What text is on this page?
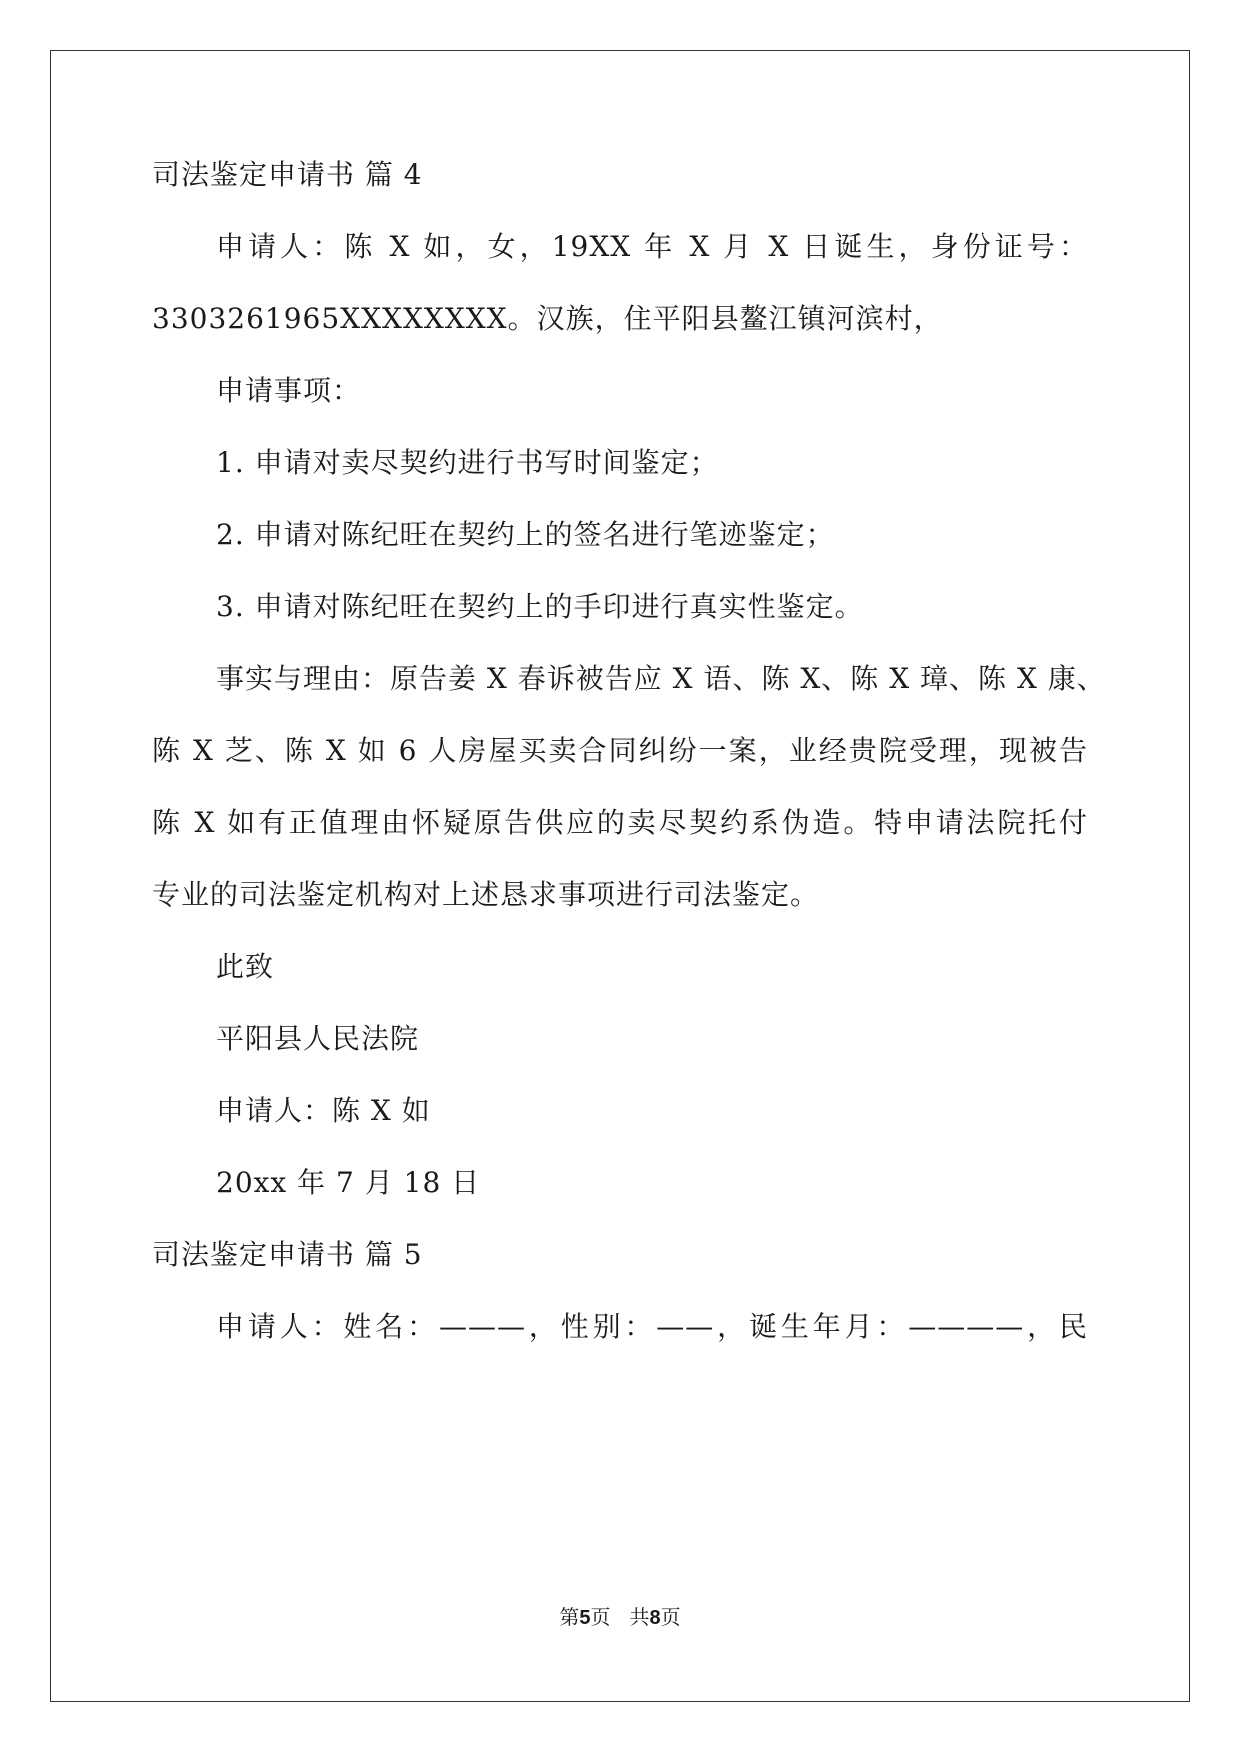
司法鉴定申请书 篇 4
申请人：陈 X 如，女，19XX 年 X 月 X 日诞生，身份证号：
3303261965XXXXXXXX。汉族，住平阳县鳌江镇河滨村，
申请事项：
1. 申请对卖尽契约进行书写时间鉴定；
2. 申请对陈纪旺在契约上的签名进行笔迹鉴定；
3. 申请对陈纪旺在契约上的手印进行真实性鉴定。
事实与理由：原告姜 X 春诉被告应 X 语、陈 X、陈 X 璋、陈 X 康、
陈 X 芝、陈 X 如 6 人房屋买卖合同纠纷一案，业经贵院受理，现被告
陈 X 如有正值理由怀疑原告供应的卖尽契约系伪造。特申请法院托付
专业的司法鉴定机构对上述恳求事项进行司法鉴定。
此致
平阳县人民法院
申请人：陈 X 如
20xx 年 7 月 18 日
司法鉴定申请书 篇 5
申请人：姓名：———，性别：——，诞生年月：————，民
第5页   共8页
